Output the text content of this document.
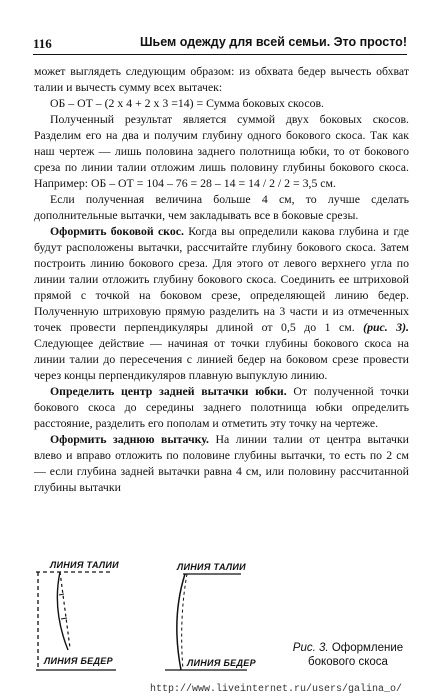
116	Шьем одежду для всей семьи. Это просто!

может выглядеть следующим образом: из обхвата бедер вычесть обхват талии и вычесть сумму всех вытачек:

ОБ – ОТ – (2 х 4 + 2 х 3 =14) = Сумма боковых скосов.

Полученный результат является суммой двух боковых скосов. Разделим его на два и получим глубину одного бокового скоса. Так как наш чертеж — лишь половина заднего полотнища юбки, то от бокового среза по линии талии отложим лишь половину глубины бокового скоса. Например: ОБ – ОТ = 104 – 76 = 28 – 14 = 14 / 2 / 2 = 3,5 см.

Если полученная величина больше 4 см, то лучше сделать дополнительные вытачки, чем закладывать все в боковые срезы.

Оформить боковой скос. Когда вы определили какова глубина и где будут расположены вытачки, рассчитайте глубину бокового скоса. Затем построить линию бокового среза. Для этого от левого верхнего угла по линии талии отложить глубину бокового скоса. Соединить ее штриховой прямой с точкой на боковом срезе, определяющей линию бедер. Полученную штриховую прямую разделить на 3 части и из отмеченных точек провести перпендикуляры длиной от 0,5 до 1 см. (рис. 3). Следующее действие — начиная от точки глубины бокового скоса на линии талии до пересечения с линией бедер на боковом срезе провести через концы перпендикуляров плавную выпуклую линию.

Определить центр задней вытачки юбки. От полученной точки бокового скоса до середины заднего полотнища юбки определить расстояние, разделить его пополам и отметить эту точку на чертеже.

Оформить заднюю вытачку. На линии талии от центра вытачки влево и вправо отложить по половине глубины вытачки, то есть по 2 см — если глубина задней вытачки равна 4 см, или половину рассчитанной глубины вытачки

ЛИНИЯ ТАЛИИ
ЛИНИЯ БЕДЕР
ЛИНИЯ ТАЛИИ
ЛИНИЯ БЕДЕР
Рис. 3. Оформление бокового скоса
http://www.liveinternet.ru/users/galina_o/
